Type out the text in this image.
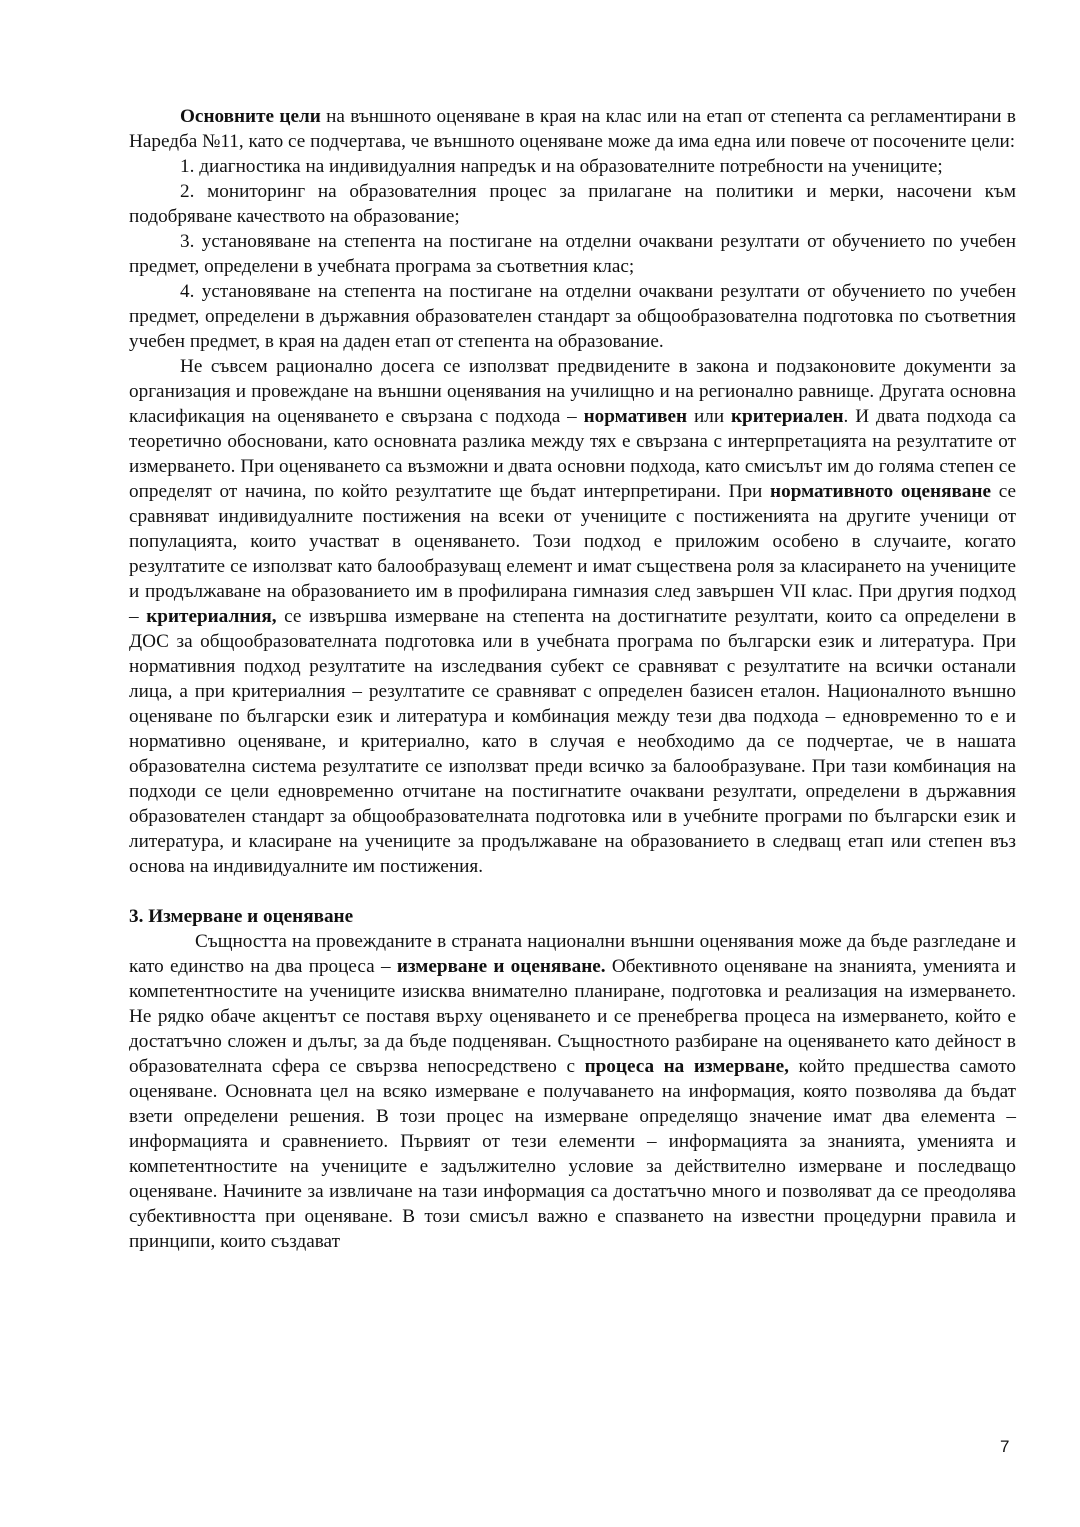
Основните цели на външното оценяване в края на клас или на етап от степента са регламентирани в Наредба №11, като се подчертава, че външното оценяване може да има една или повече от посочените цели:

1. диагностика на индивидуалния напредък и на образователните потребности на учениците;

2. мониторинг на образователния процес за прилагане на политики и мерки, насочени към подобряване качеството на образование;

3. установяване на степента на постигане на отделни очаквани резултати от обучението по учебен предмет, определени в учебната програма за съответния клас;

4. установяване на степента на постигане на отделни очаквани резултати от обучението по учебен предмет, определени в държавния образователен стандарт за общообразователна подготовка по съответния учебен предмет, в края на даден етап от степента на образование.

Не съвсем рационално досега се използват предвидените в закона и подзаконовите документи за организация и провеждане на външни оценявания на училищно и на регионално равнище. Другата основна класификация на оценяването е свързана с подхода – нормативен или критериален. И двата подхода са теоретично обосновани, като основната разлика между тях е свързана с интерпретацията на резултатите от измерването. При оценяването са възможни и двата основни подхода, като смисълът им до голяма степен се определят от начина, по който резултатите ще бъдат интерпретирани. При нормативното оценяване се сравняват индивидуалните постижения на всеки от учениците с постиженията на другите ученици от популацията, които участват в оценяването. Този подход е приложим особено в случаите, когато резултатите се използват като балообразуващ елемент и имат съществена роля за класирането на учениците и продължаване на образованието им в профилирана гимназия след завършен VII клас. При другия подход – критериалния, се извършва измерване на степента на достигнатите резултати, които са определени в ДОС за общообразователната подготовка или в учебната програма по български език и литература. При нормативния подход резултатите на изследвания субект се сравняват с резултатите на всички останали лица, а при критериалния – резултатите се сравняват с определен базисен еталон. Националното външно оценяване по български език и литература и комбинация между тези два подхода – едновременно то е и нормативно оценяване, и критериално, като в случая е необходимо да се подчертае, че в нашата образователна система резултатите се използват преди всичко за балообразуване. При тази комбинация на подходи се цели едновременно отчитане на постигнатите очаквани резултати, определени в държавния образователен стандарт за общообразователната подготовка или в учебните програми по български език и литература, и класиране на учениците за продължаване на образованието в следващ етап или степен въз основа на индивидуалните им постижения.

3. Измерване и оценяване

Същността на провежданите в страната национални външни оценявания може да бъде разгледане и като единство на два процеса – измерване и оценяване. Обективното оценяване на знанията, уменията и компетентностите на учениците изисква внимателно планиране, подготовка и реализация на измерването. Не рядко обаче акцентът се поставя върху оценяването и се пренебрегва процеса на измерването, който е достатъчно сложен и дълъг, за да бъде подценяван. Същностното разбиране на оценяването като дейност в образователната сфера се свързва непосредствено с процеса на измерване, който предшества самото оценяване. Основната цел на всяко измерване е получаването на информация, която позволява да бъдат взети определени решения. В този процес на измерване определящо значение имат два елемента – информацията и сравнението. Първият от тези елементи – информацията за знанията, уменията и компетентностите на учениците е задължително условие за действително измерване и последващо оценяване. Начините за извличане на тази информация са достатъчно много и позволяват да се преодолява субективността при оценяване. В този смисъл важно е спазването на известни процедурни правила и принципи, които създават

7
